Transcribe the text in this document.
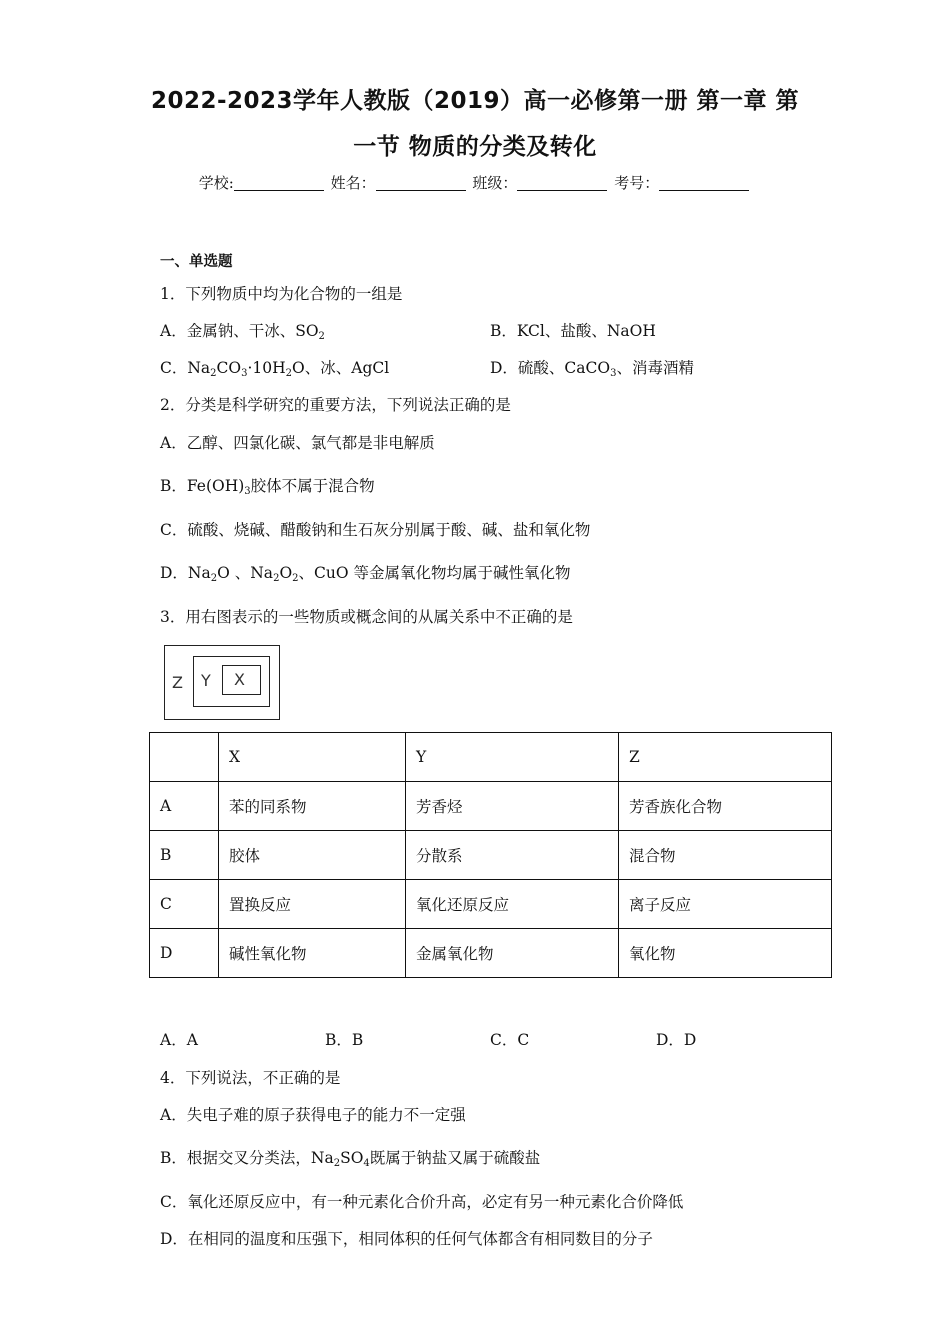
2022-2023学年人教版（2019）高一必修第一册 第一章 第
一节 物质的分类及转化
学校:	姓名：	班级：	考号：
一、单选题
1．下列物质中均为化合物的一组是
A．金属钠、干冰、$SO_2$	B．KCl、盐酸、NaOH
C．$Na_2CO_3\cdot 10H_2O$、冰、AgCl	D．硫酸、CaCO$_3$、消毒酒精
2．分类是科学研究的重要方法，下列说法正确的是
A．乙醇、四氯化碳、氯气都是非电解质
B．$Fe(OH)_3$胶体不属于混合物
C．硫酸、烧碱、醋酸钠和生石灰分别属于酸、碱、盐和氧化物
D．$Na_2O$ 、$Na_2O_2$、CuO 等金属氧化物均属于碱性氧化物
3．用右图表示的一些物质或概念间的从属关系中不正确的是
Z Y X
	X	Y	Z
A	苯的同系物	芳香烃	芳香族化合物
B	胶体	分散系	混合物
C	置换反应	氧化还原反应	离子反应
D	碱性氧化物	金属氧化物	氧化物
A．A	B．B	C．C	D．D
4．下列说法，不正确的是
A．失电子难的原子获得电子的能力不一定强
B．根据交叉分类法，$Na_2SO_4$既属于钠盐又属于硫酸盐
C．氧化还原反应中，有一种元素化合价升高，必定有另一种元素化合价降低
D．在相同的温度和压强下，相同体积的任何气体都含有相同数目的分子
